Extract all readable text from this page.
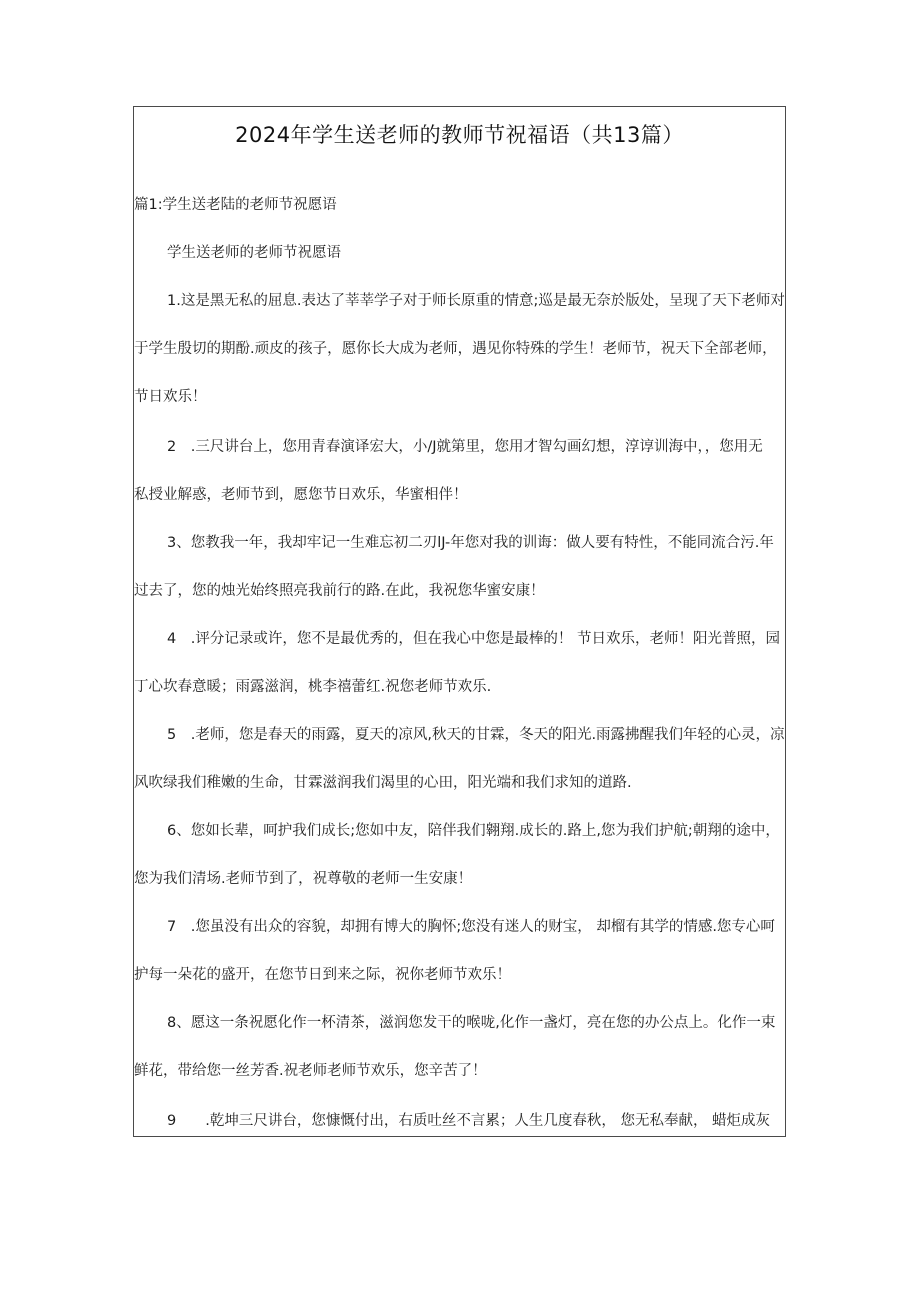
2024年学生送老师的教师节祝福语（共13篇）
篇1:学生送老陆的老师节祝愿语
学生送老师的老师节祝愿语
1.这是黑无私的屈息.表达了莘莘学子对于师长原重的情意;巡是最无奈於版处，呈现了天下老师对
于学生殷切的期酚.顽皮的孩子，愿你长大成为老师，遇见你特殊的学生！老师节，祝天下全部老师，
节日欢乐！
2　.三尺讲台上，您用青春演译宏大，小/J就第里，您用才智勾画幻想，淳谆训海中，，您用无
私授业解惑，老师节到，愿您节日欢乐，华蜜相伴！
3、您教我一年，我却牢记一生难忘初二刃lJ-年您对我的训诲：做人要有特性，不能同流合污.年
过去了，您的烛光始终照亮我前行的路.在此，我祝您华蜜安康！
4　.评分记录或许，您不是最优秀的，但在我心中您是最棒的！ 节日欢乐，老师！阳光普照，园
丁心坎春意暖；雨露滋润，桃李禧蕾红.祝您老师节欢乐.
5　.老师，您是春天的雨露，夏天的凉风,秋天的甘霖，冬天的阳光.雨露拂醒我们年轻的心灵，凉
风吹绿我们稚嫩的生命，甘霖滋润我们渴里的心田，阳光端和我们求知的道路.
6、您如长辈，呵护我们成长;您如中友，陪伴我们翱翔.成长的.路上,您为我们护航;朝翔的途中，
您为我们清场.老师节到了，祝尊敬的老师一生安康！
7　.您虽没有出众的容貌，却拥有博大的胸怀;您没有迷人的财宝， 却榴有其学的情感.您专心呵
护每一朵花的盛开，在您节日到来之际，祝你老师节欢乐！
8、愿这一条祝愿化作一杯清茶，滋润您发干的喉咙,化作一盏灯，亮在您的办公点上。化作一束
鲜花，带给您一丝芳香.祝老师老师节欢乐，您辛苦了！
9　　.乾坤三尺讲台，您慷慨付出，右质吐丝不言累；人生几度春秋， 您无私奉献， 蜡炬成灰
